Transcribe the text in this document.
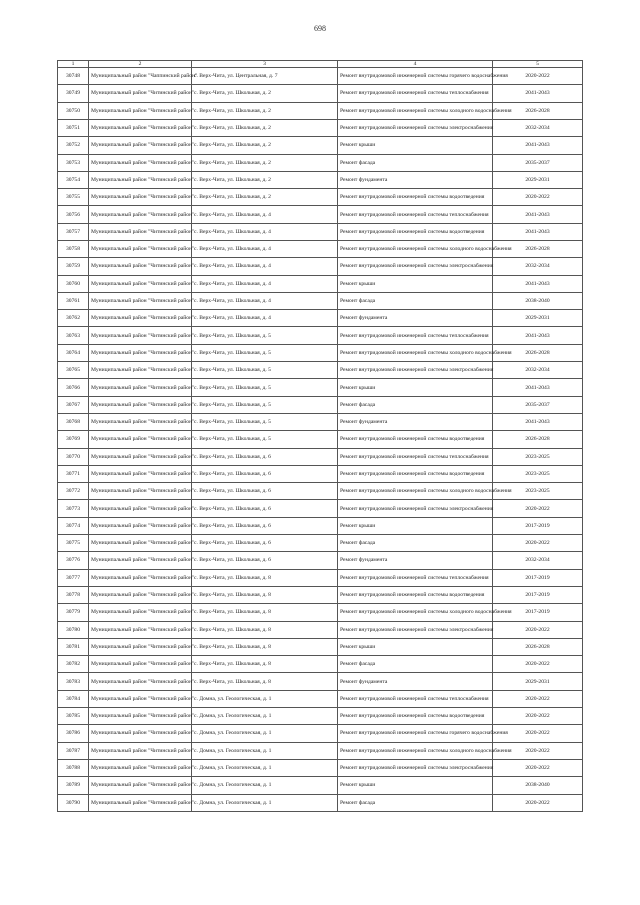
698
1	2	3	4	5
30748	Муниципальный район "Чаппинский район"	с. Верх-Чита, ул. Центральная, д. 7	Ремонт внутридомовой инженерной системы горячего водоснабжения	2020-2022
30749	Муниципальный район "Читинский район"	с. Верх-Чита, ул. Школьная, д. 2	Ремонт внутридомовой инженерной системы теплоснабжения	2041-2043
30750	Муниципальный район "Читинский район"	с. Верх-Чита, ул. Школьная, д. 2	Ремонт внутридомовой инженерной системы холодного водоснабжения	2026-2028
30751	Муниципальный район "Читинский район"	с. Верх-Чита, ул. Школьная, д. 2	Ремонт внутридомовой инженерной системы электроснабжения	2032-2034
30752	Муниципальный район "Читинский район"	с. Верх-Чита, ул. Школьная, д. 2	Ремонт крыши	2041-2043
30753	Муниципальный район "Читинский район"	с. Верх-Чита, ул. Школьная, д. 2	Ремонт фасада	2035-2037
30754	Муниципальный район "Читинский район"	с. Верх-Чита, ул. Школьная, д. 2	Ремонт фундамента	2029-2031
30755	Муниципальный район "Читинский район"	с. Верх-Чита, ул. Школьная, д. 2	Ремонт внутридомовой инженерной системы водоотведения	2020-2022
30756	Муниципальный район "Читинский район"	с. Верх-Чита, ул. Школьная, д. 4	Ремонт внутридомовой инженерной системы теплоснабжения	2041-2043
30757	Муниципальный район "Читинский район"	с. Верх-Чита, ул. Школьная, д. 4	Ремонт внутридомовой инженерной системы водоотведения	2041-2043
30758	Муниципальный район "Читинский район"	с. Верх-Чита, ул. Школьная, д. 4	Ремонт внутридомовой инженерной системы холодного водоснабжения	2026-2028
30759	Муниципальный район "Читинский район"	с. Верх-Чита, ул. Школьная, д. 4	Ремонт внутридомовой инженерной системы электроснабжения	2032-2034
30760	Муниципальный район "Читинский район"	с. Верх-Чита, ул. Школьная, д. 4	Ремонт крыши	2041-2043
30761	Муниципальный район "Читинский район"	с. Верх-Чита, ул. Школьная, д. 4	Ремонт фасада	2038-2040
30762	Муниципальный район "Читинский район"	с. Верх-Чита, ул. Школьная, д. 4	Ремонт фундамента	2029-2031
30763	Муниципальный район "Читинский район"	с. Верх-Чита, ул. Школьная, д. 5	Ремонт внутридомовой инженерной системы теплоснабжения	2041-2043
30764	Муниципальный район "Читинский район"	с. Верх-Чита, ул. Школьная, д. 5	Ремонт внутридомовой инженерной системы холодного водоснабжения	2026-2028
30765	Муниципальный район "Читинский район"	с. Верх-Чита, ул. Школьная, д. 5	Ремонт внутридомовой инженерной системы электроснабжения	2032-2034
30766	Муниципальный район "Читинский район"	с. Верх-Чита, ул. Школьная, д. 5	Ремонт крыши	2041-2043
30767	Муниципальный район "Читинский район"	с. Верх-Чита, ул. Школьная, д. 5	Ремонт фасада	2035-2037
30768	Муниципальный район "Читинский район"	с. Верх-Чита, ул. Школьная, д. 5	Ремонт фундамента	2041-2043
30769	Муниципальный район "Читинский район"	с. Верх-Чита, ул. Школьная, д. 5	Ремонт внутридомовой инженерной системы водоотведения	2026-2028
30770	Муниципальный район "Читинский район"	с. Верх-Чита, ул. Школьная, д. 6	Ремонт внутридомовой инженерной системы теплоснабжения	2023-2025
30771	Муниципальный район "Читинский район"	с. Верх-Чита, ул. Школьная, д. 6	Ремонт внутридомовой инженерной системы водоотведения	2023-2025
30772	Муниципальный район "Читинский район"	с. Верх-Чита, ул. Школьная, д. 6	Ремонт внутридомовой инженерной системы холодного водоснабжения	2023-2025
30773	Муниципальный район "Читинский район"	с. Верх-Чита, ул. Школьная, д. 6	Ремонт внутридомовой инженерной системы электроснабжения	2020-2022
30774	Муниципальный район "Читинский район"	с. Верх-Чита, ул. Школьная, д. 6	Ремонт крыши	2017-2019
30775	Муниципальный район "Читинский район"	с. Верх-Чита, ул. Школьная, д. 6	Ремонт фасада	2020-2022
30776	Муниципальный район "Читинский район"	с. Верх-Чита, ул. Школьная, д. 6	Ремонт фундамента	2032-2034
30777	Муниципальный район "Читинский район"	с. Верх-Чита, ул. Школьная, д. 8	Ремонт внутридомовой инженерной системы теплоснабжения	2017-2019
30778	Муниципальный район "Читинский район"	с. Верх-Чита, ул. Школьная, д. 8	Ремонт внутридомовой инженерной системы водоотведения	2017-2019
30779	Муниципальный район "Читинский район"	с. Верх-Чита, ул. Школьная, д. 8	Ремонт внутридомовой инженерной системы холодного водоснабжения	2017-2019
30780	Муниципальный район "Читинский район"	с. Верх-Чита, ул. Школьная, д. 8	Ремонт внутридомовой инженерной системы электроснабжения	2020-2022
30781	Муниципальный район "Читинский район"	с. Верх-Чита, ул. Школьная, д. 8	Ремонт крыши	2026-2028
30782	Муниципальный район "Читинский район"	с. Верх-Чита, ул. Школьная, д. 8	Ремонт фасада	2020-2022
30783	Муниципальный район "Читинский район"	с. Верх-Чита, ул. Школьная, д. 8	Ремонт фундамента	2029-2031
30784	Муниципальный район "Читинский район"	с. Домна, ул. Геологическая, д. 1	Ремонт внутридомовой инженерной системы теплоснабжения	2020-2022
30785	Муниципальный район "Читинский район"	с. Домна, ул. Геологическая, д. 1	Ремонт внутридомовой инженерной системы водоотведения	2020-2022
30786	Муниципальный район "Читинский район"	с. Домна, ул. Геологическая, д. 1	Ремонт внутридомовой инженерной системы горячего водоснабжения	2020-2022
30787	Муниципальный район "Читинский район"	с. Домна, ул. Геологическая, д. 1	Ремонт внутридомовой инженерной системы холодного водоснабжения	2020-2022
30788	Муниципальный район "Читинский район"	с. Домна, ул. Геологическая, д. 1	Ремонт внутридомовой инженерной системы электроснабжения	2020-2022
30789	Муниципальный район "Читинский район"	с. Домна, ул. Геологическая, д. 1	Ремонт крыши	2038-2040
30790	Муниципальный район "Читинский район"	с. Домна, ул. Геологическая, д. 1	Ремонт фасада	2020-2022
